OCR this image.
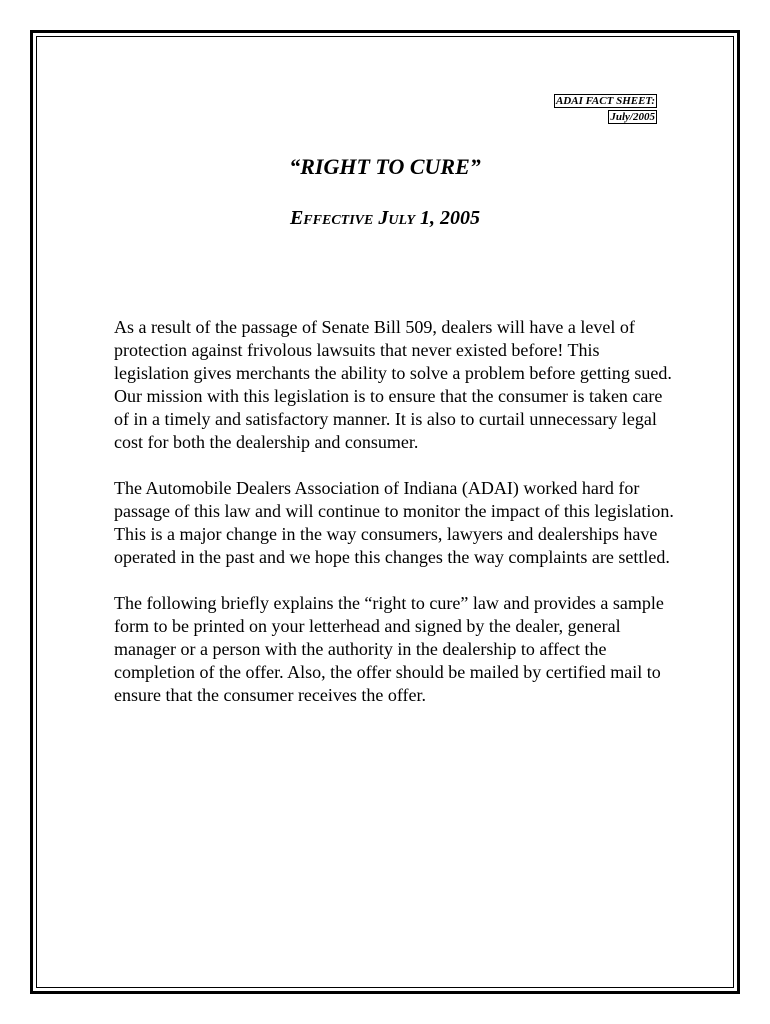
ADAI FACT SHEET:
July/2005
“RIGHT TO CURE”
Effective July 1, 2005

As a result of the passage of Senate Bill 509, dealers will have a level of protection against frivolous lawsuits that never existed before! This legislation gives merchants the ability to solve a problem before getting sued. Our mission with this legislation is to ensure that the consumer is taken care of in a timely and satisfactory manner. It is also to curtail unnecessary legal cost for both the dealership and consumer.

The Automobile Dealers Association of Indiana (ADAI) worked hard for passage of this law and will continue to monitor the impact of this legislation. This is a major change in the way consumers, lawyers and dealerships have operated in the past and we hope this changes the way complaints are settled.

The following briefly explains the “right to cure” law and provides a sample form to be printed on your letterhead and signed by the dealer, general manager or a person with the authority in the dealership to affect the completion of the offer. Also, the offer should be mailed by certified mail to ensure that the consumer receives the offer.
